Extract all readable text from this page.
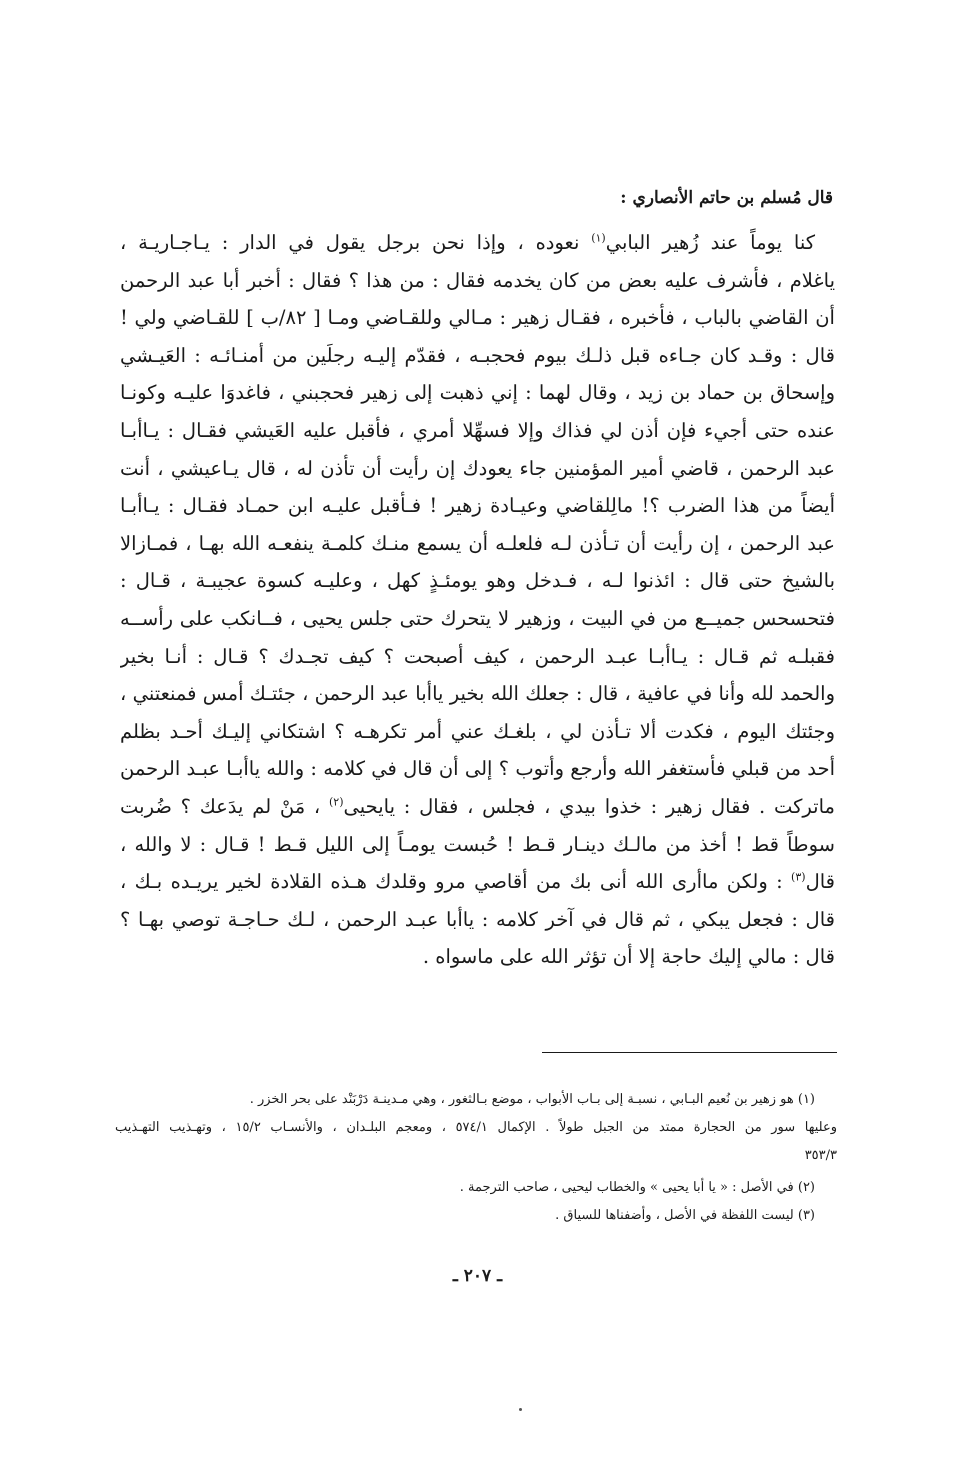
قال مُسلم بن حاتم الأنصاري :
كنا يوماً عند زُهير البابي$^{(١)}$ نعوده ، وإذا نحن برجل يقول في الدار : يـاجـاريـة ،
ياغلام ، فأشرف عليه بعض من كان يخدمه فقال : من هذا ؟ فقال : أخبر أبا عبد الرحمن
أن القاضي بالباب ، فأخبره ، فقـال زهير : مـالي وللقـاضي ومـا [ ٨٢/ب ] للقـاضي ولي !
قال : وقـد كان جـاءه قبل ذلـك بيوم فحجبـه ، فقدّم إليـه رجلَين من أمنـائـه : العَيـشي
وإسحاق بن حماد بن زيد ، وقال لهما : إني ذهبت إلى زهير فحجبني ، فاغدوَا عليـه وكونـا
عنده حتى أجيء فإن أذن لي فذاك وإلا فسهِّلا أمري ، فأقبل عليه العَيشي فقـال : يـاأبـا
عبد الرحمن ، قاضي أمير المؤمنين جاء يعودك إن رأيت أن تأذن له ، قال يـاعيشي ، أنت
أيضاً من هذا الضرب ؟! مالِلقاضي وعيـادة زهير ! فـأقبل عليـه ابن حمـاد فقـال : يـاأبـا
عبد الرحمن ، إن رأيت أن تـأذن لـه فلعلـه أن يسمع منـك كلمـة ينفعـه الله بهـا ، فمـازالا
بالشيخ حتى قال : ائذنوا لـه ، فـدخل وهو يومئـذٍ كهل ، وعليـه كسوة عجيبـة ، قـال :
فتحسحس جميــع من في البيت ، وزهير لا يتحرك حتى جلس يحيى ، فــانكب على رأســه
فقبلـه ثم قـال : يـاأبـا عبـد الرحمن ، كيف أصبحت ؟ كيف تجـدك ؟ قـال : أنـا بخير
والحمد لله وأنا في عافية ، قال : جعلك الله بخير ياأبا عبد الرحمن ، جئتـك أمس فمنعتني ،
وجئتك اليوم ، فكدت ألا تـأذن لي ، بلغـك عني أمر تكرهـه ؟ اشتكاني إليـك أحـد بظلم
أحد من قبلي فأستغفر الله وأرجع وأتوب ؟ إلى أن قال في كلامه : والله ياأبـا عبـد الرحمن
ماتركت . فقال زهير : خذوا بيدي ، فجلس ، فقال : يايحيى$^{(٢)}$ ، مَنْ لم يدَعك ؟ ضُربت
سوطاً قط ! أخذ من مالـك دينـار قـط ! حُبست يومـاً إلى الليل قـط ! قـال : لا والله ،
قال$^{(٣)}$ : ولكن ماأرى الله أنى بك من أقاصي مرو وقلدك هـذه القلادة لخير يريـده بـك ،
قال : فجعل يبكي ، ثم قال في آخر كلامه : ياأبا عبـد الرحمن ، لـك حـاجـة توصي بهـا ؟
قال : مالي إليك حاجة إلا أن تؤثر الله على ماسواه .
(١) هو زهير بن نُعيم البـابي ، نسبـة إلى بـاب الأبواب ، موضع بـالثغور ، وهي مـدينـة دَرْبَنْد على بحر الخزر .
وعليها سور من الحجارة ممتد من الجبل طولاً . الإكمال ٥٧٤/١ ، ومعجم البلـدان ، والأنسـاب ١٥/٢ ، وتهـذيب التهـذيب
٣٥٣/٣
(٢) في الأصل : « يا أبا يحيى » والخطاب ليحيى ، صاحب الترجمة .
(٣) ليست اللفظة في الأصل ، وأضفناها للسياق .
ـ ٢٠٧ ـ
